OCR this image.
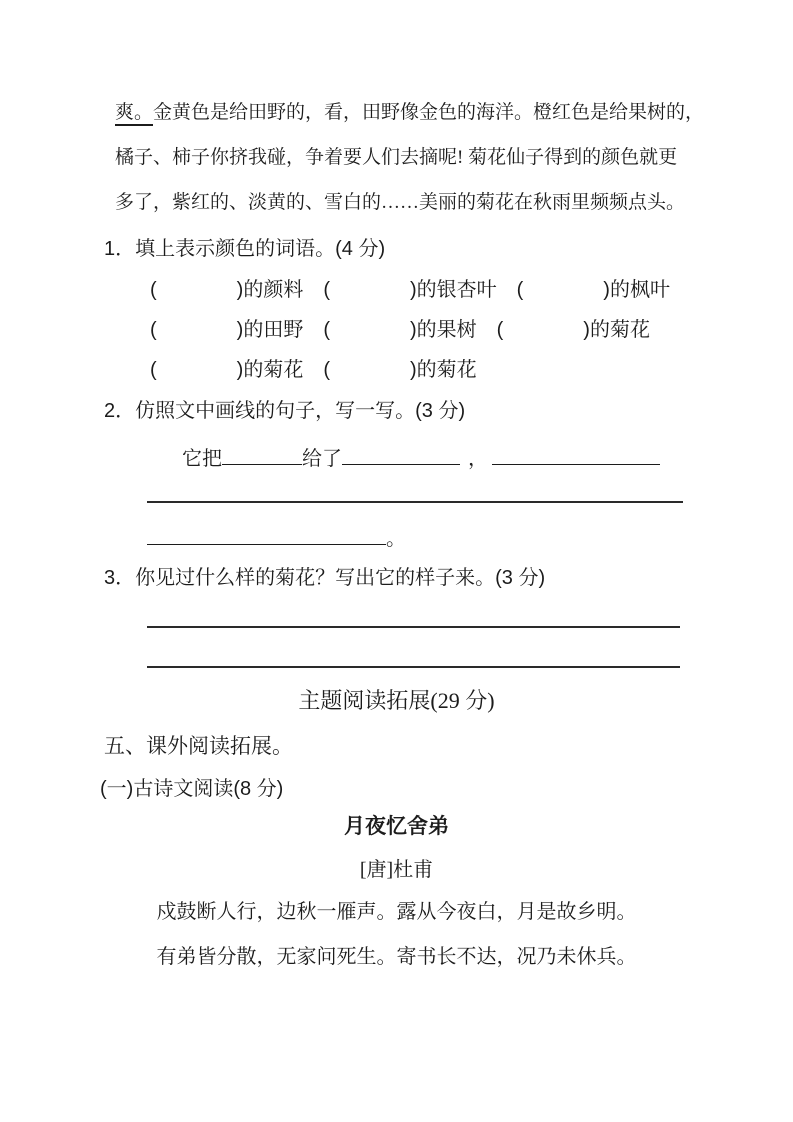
爽。金黄色是给田野的，看，田野像金色的海洋。橙红色是给果树的，
橘子、柿子你挤我碰，争着要人们去摘呢! 菊花仙子得到的颜色就更
多了，紫红的、淡黄的、雪白的……美丽的菊花在秋雨里频频点头。
1．填上表示颜色的词语。(4 分)
(　　　　)的颜料　(　　　　)的银杏叶　(　　　　)的枫叶
(　　　　)的田野　(　　　　)的果树　(　　　　)的菊花
(　　　　)的菊花　(　　　　)的菊花
2．仿照文中画线的句子，写一写。(3 分)
它把	给了	，
。
3．你见过什么样的菊花？写出它的样子来。(3 分)
主题阅读拓展(29 分)
五、课外阅读拓展。
(一)古诗文阅读(8 分)
月夜忆舍弟
[唐]杜甫
戍鼓断人行，边秋一雁声。露从今夜白，月是故乡明。
有弟皆分散，无家问死生。寄书长不达，况乃未休兵。
